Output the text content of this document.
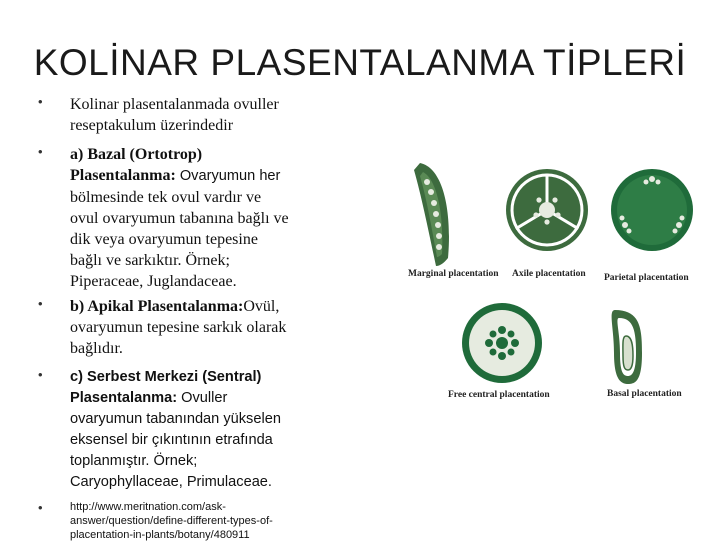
KOLİNAR PLASENTALANMA TİPLERİ
• Kolinar plasentalanmada ovuller
reseptakulum üzerindedir
• a) Bazal (Ortotrop)
Plasentalanma: Ovaryumun her
bölmesinde tek ovul vardır ve
ovul ovaryumun tabanına bağlı ve
dik veya ovaryumun tepesine
bağlı ve sarkıktır. Örnek;
Piperaceae, Juglandaceae.
• b) Apikal Plasentalanma:Ovül,
ovaryumun tepesine sarkık olarak
bağlıdır.
• c) Serbest Merkezi (Sentral)
Plasentalanma: Ovuller
ovaryumun tabanından yükselen
eksensel bir çıkıntının etrafında
toplanmıştır. Örnek;
Caryophyllaceae, Primulaceae.
• http://www.meritnation.com/ask-
answer/question/define-different-types-of-
placentation-in-plants/botany/480911
Marginal placentation Axile placentation Parietal placentation
Free central placentation	Basal placentation
